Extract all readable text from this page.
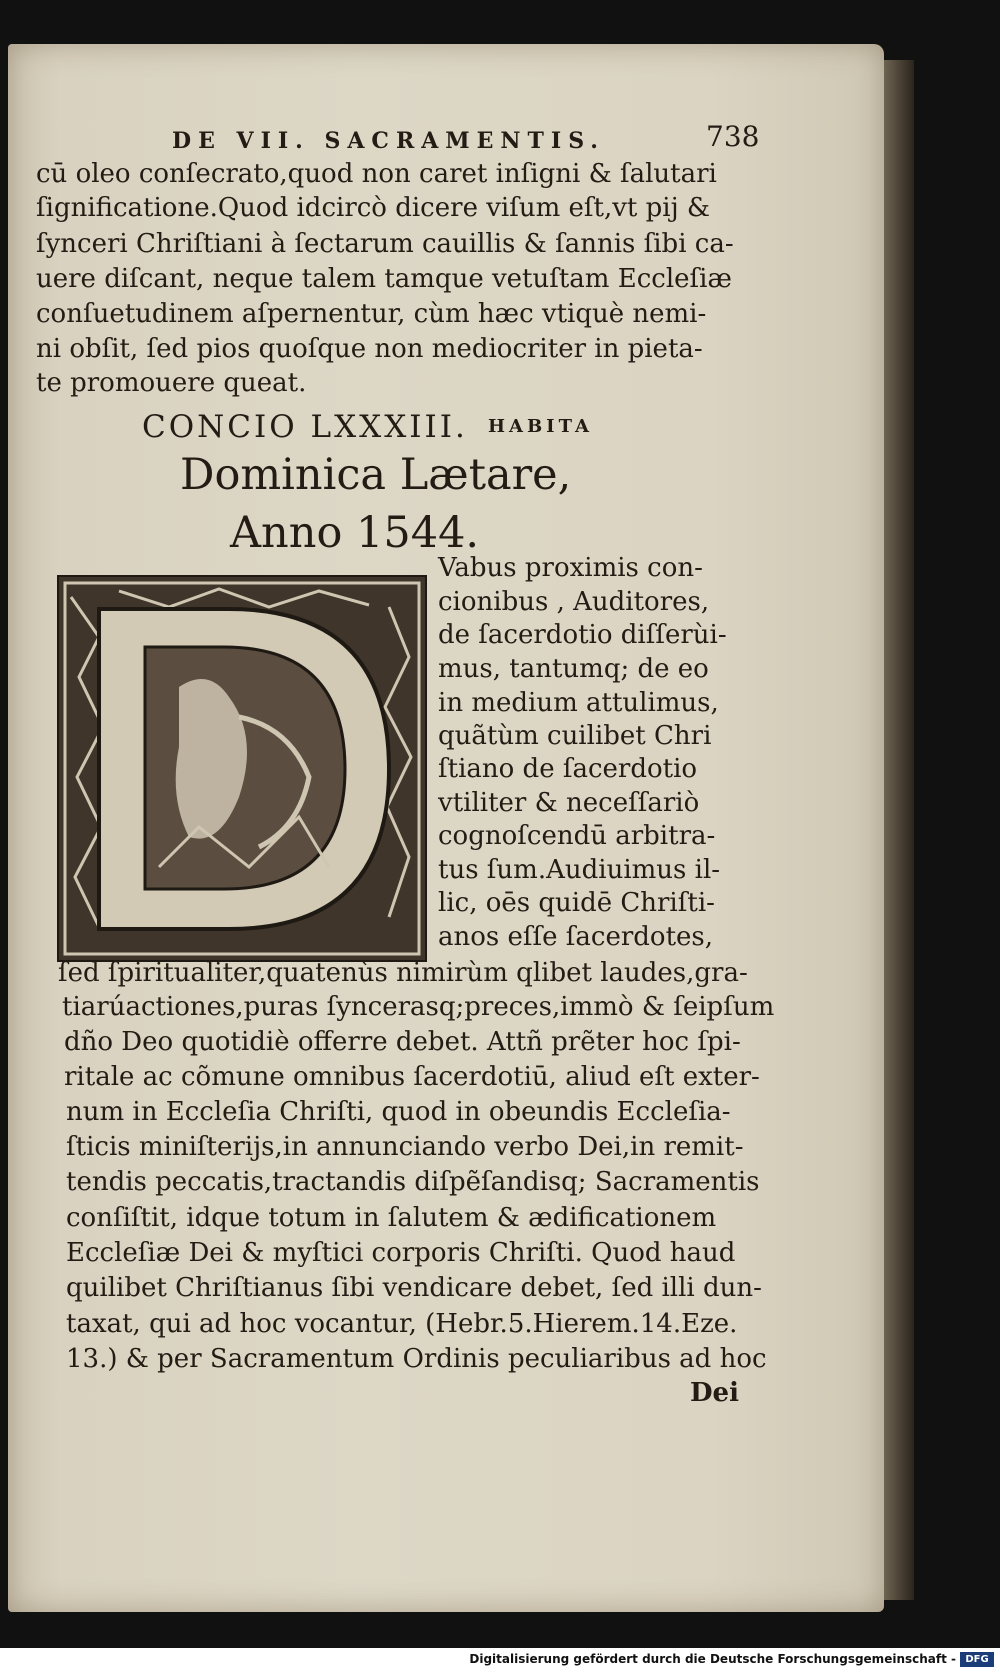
DE VII. SACRAMENTIS.	738
cū oleo conſecrato,quod non caret inſigni & ſalutari
ſignificatione.Quod idcircò dicere viſum eſt,vt pij &
ſynceri Chriſtiani à ſectarum cauillis & ſannis ſibi ca-
uere diſcant, neque talem tamque vetuſtam Eccleſiæ
conſuetudinem aſpernentur, cùm hæc vtiquè nemi-
ni obſit, ſed pios quoſque non mediocriter in pieta-
te promouere queat.
CONCIO LXXXIII. HABITA
Dominica Lætare,
Anno 1544.
Vabus proximis con-
cionibus , Auditores,
de ſacerdotio diſſerùi-
mus, tantumq; de eo
in medium attulimus,
quãtùm cuilibet Chri
ſtiano de ſacerdotio
vtiliter & neceſſariò
cognoſcendū arbitra-
tus ſum.Audiuimus il-
lic, oēs quidē Chriſti-
anos eſſe ſacerdotes,
ſed ſpiritualiter,quatenùs nimirùm qlibet laudes,gra-
tiarúactiones,puras ſyncerasq;preces,immò & ſeipſum
dño Deo quotidiè offerre debet. Attñ prẽter hoc ſpi-
ritale ac cõmune omnibus ſacerdotiū, aliud eſt exter-
num in Eccleſia Chriſti, quod in obeundis Eccleſia-
ſticis miniſterijs,in annunciando verbo Dei,in remit-
tendis peccatis,tractandis diſpẽſandisq; Sacramentis
conſiſtit, idque totum in ſalutem & ædificationem
Eccleſiæ Dei & myſtici corporis Chriſti. Quod haud
quilibet Chriſtianus ſibi vendicare debet, ſed illi dun-
taxat, qui ad hoc vocantur, (Hebr.5.Hierem.14.Eze.
13.) & per Sacramentum Ordinis peculiaribus ad hoc
Dei
Digitalisierung gefördert durch die Deutsche Forschungsgemeinschaft - DFG
